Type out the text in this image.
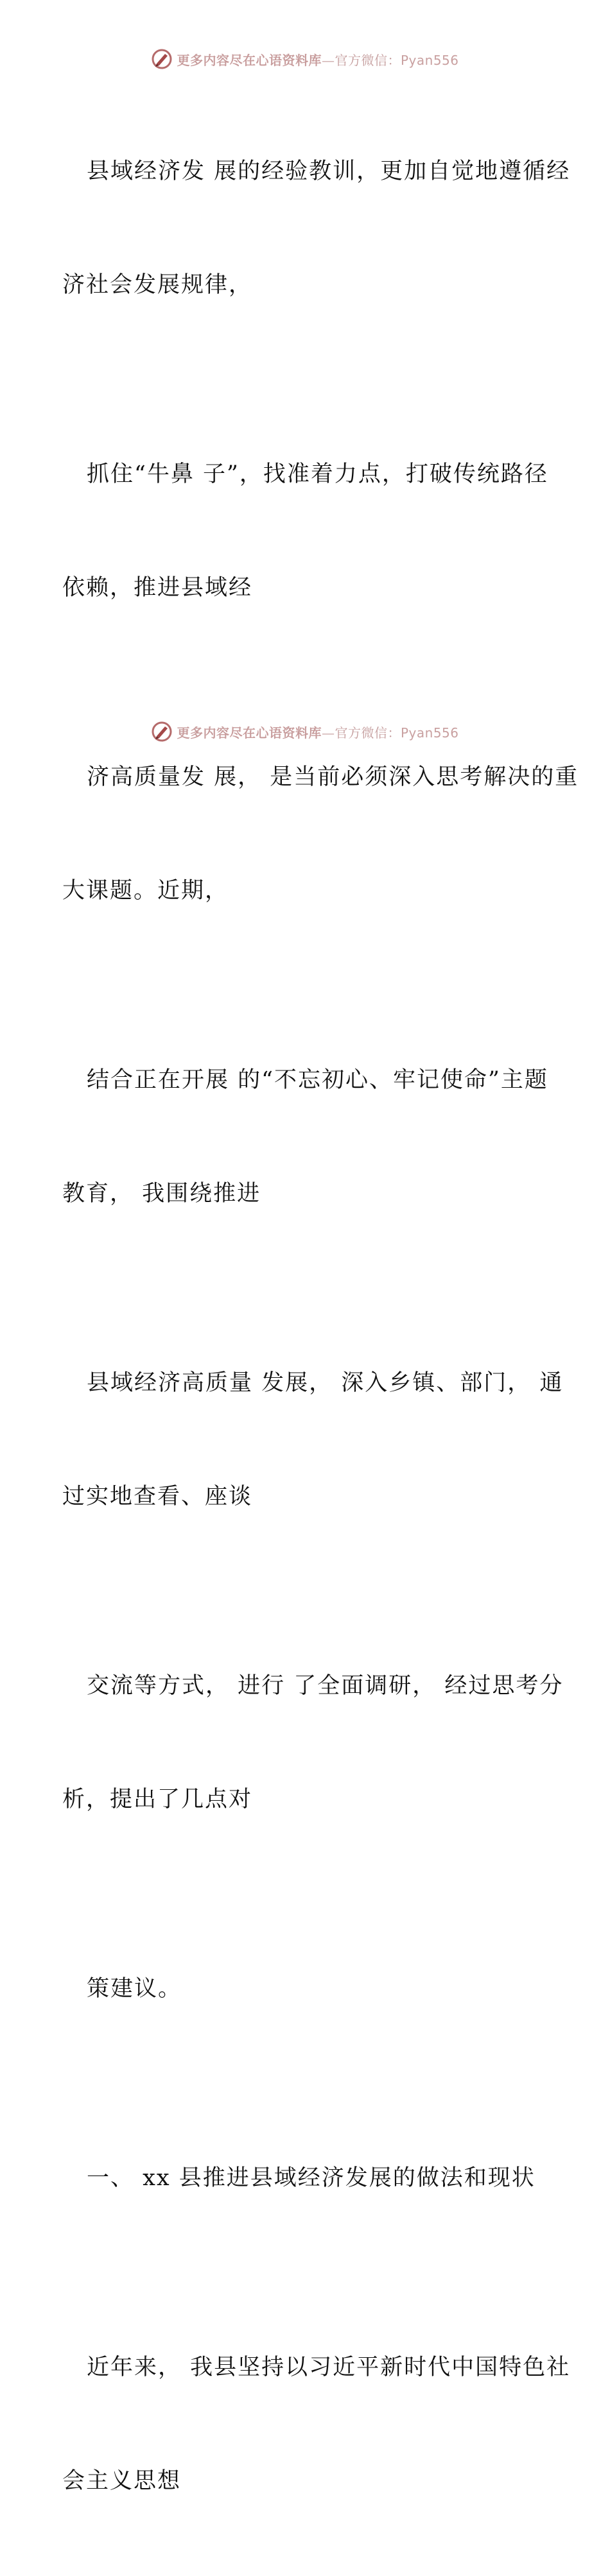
更多内容尽在心语资料库—官方微信：Pyan556

县域经济发 展的经验教训，更加自觉地遵循经

济社会发展规律，

抓住“牛鼻 子”，找准着力点，打破传统路径

依赖，推进县域经

济高质量发 展， 是当前必须深入思考解决的重

大课题。近期，

结合正在开展 的“不忘初心、牢记使命”主题

教育， 我围绕推进

县域经济高质量 发展， 深入乡镇、部门， 通

过实地查看、座谈

交流等方式， 进行 了全面调研， 经过思考分

析，提出了几点对

策建议。

一、 xx 县推进县域经济发展的做法和现状

近年来， 我县坚持以习近平新时代中国特色社

会主义思想

更多内容尽在心语资料库—官方微信：Pyan556
